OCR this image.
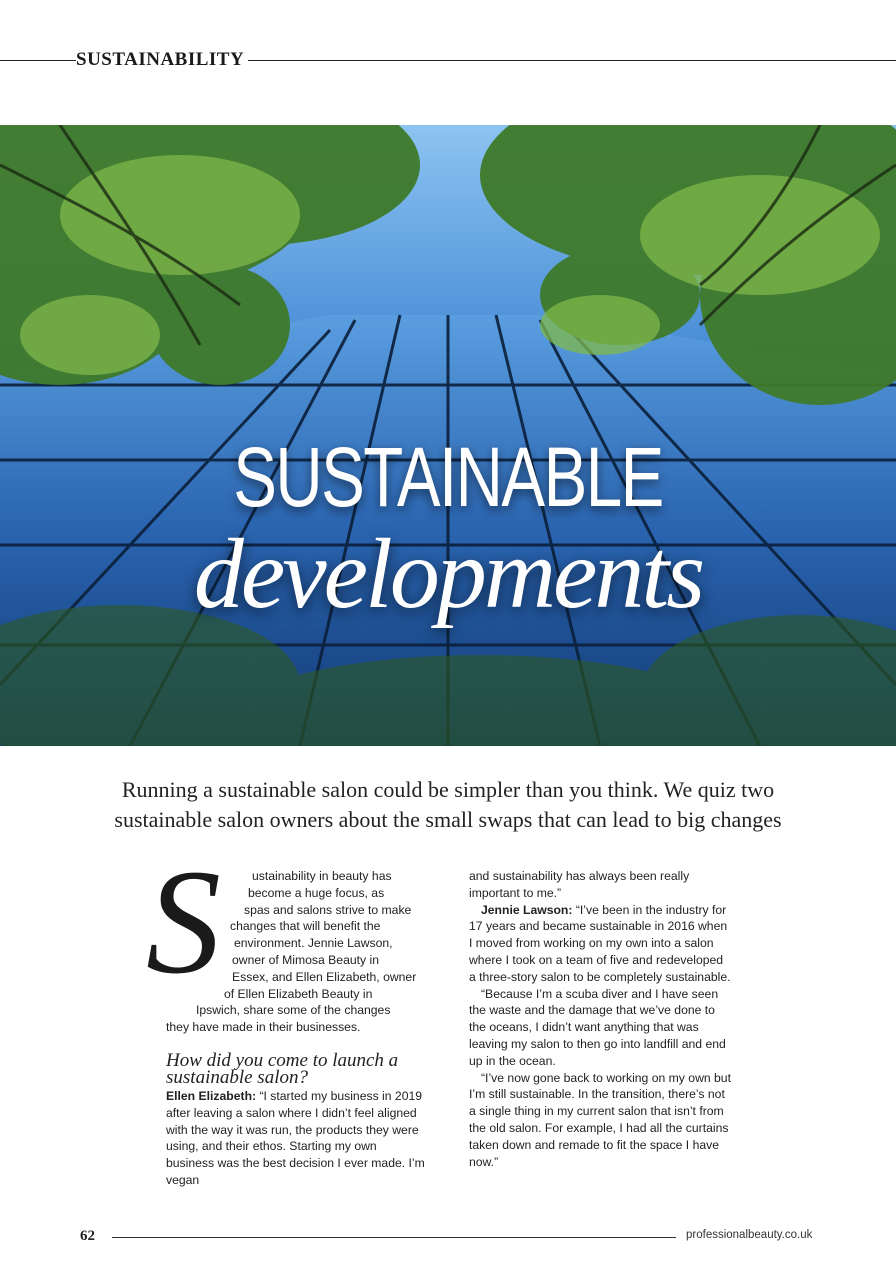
SUSTAINABILITY
SUSTAINABLE
developments
Running a sustainable salon could be simpler than you think. We quiz two
sustainable salon owners about the small swaps that can lead to big changes
S	ustainability in beauty has
become a huge focus, as
spas and salons strive to make
changes that will benefit the
environment. Jennie Lawson,
owner of Mimosa Beauty in
Essex, and Ellen Elizabeth, owner
of Ellen Elizabeth Beauty in
Ipswich, share some of the changes
they have made in their businesses.

How did you come to launch a sustainable salon?

Ellen Elizabeth: “I started my business in 2019 after leaving a salon where I didn’t feel aligned with the way it was run, the products they were using, and their ethos. Starting my own business was the best decision I ever made. I’m vegan

and sustainability has always been really important to me.”

Jennie Lawson: “I’ve been in the industry for 17 years and became sustainable in 2016 when I moved from working on my own into a salon where I took on a team of five and redeveloped a three-story salon to be completely sustainable.

“Because I’m a scuba diver and I have seen the waste and the damage that we’ve done to the oceans, I didn’t want anything that was leaving my salon to then go into landfill and end up in the ocean.

“I’ve now gone back to working on my own but I’m still sustainable. In the transition, there’s not a single thing in my current salon that isn’t from the old salon. For example, I had all the curtains taken down and remade to fit the space I have now.”

62	professionalbeauty.co.uk
